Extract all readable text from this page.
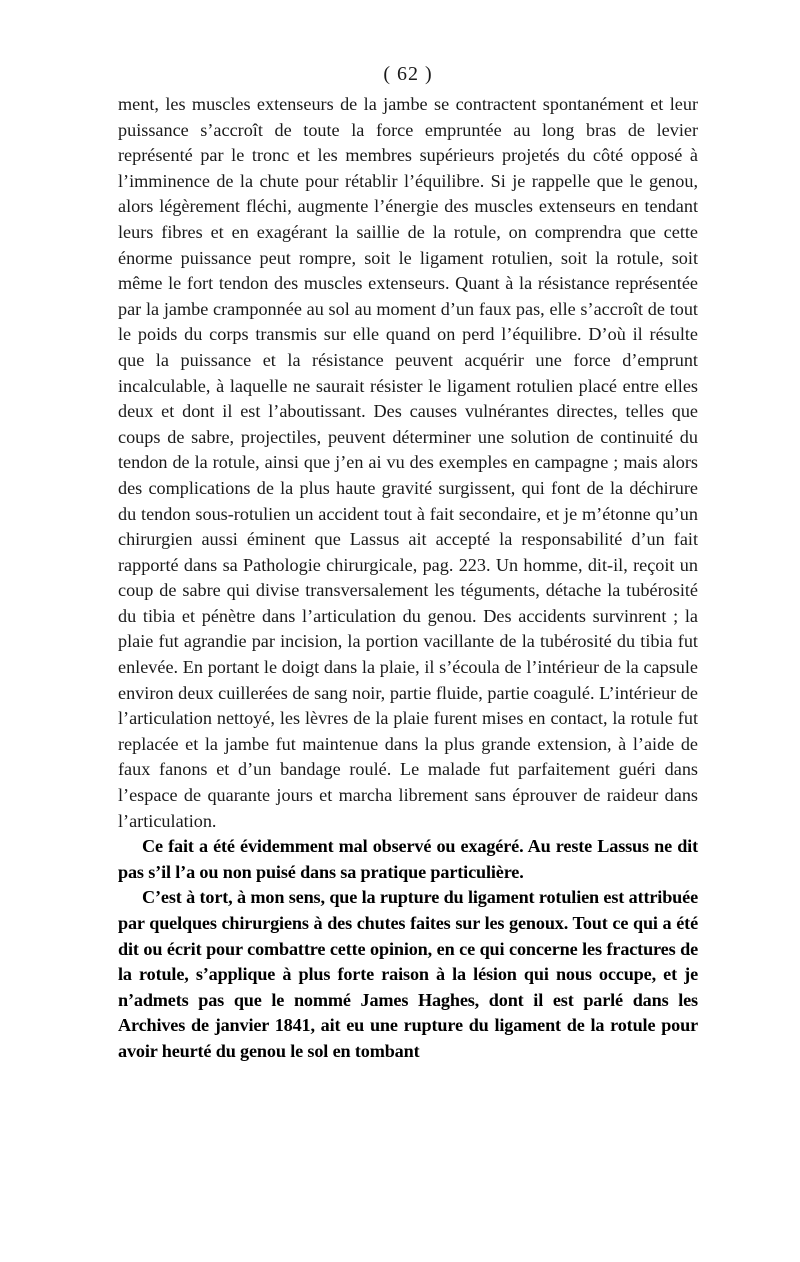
( 62 )

ment, les muscles extenseurs de la jambe se contractent spontanément et leur puissance s’accroît de toute la force empruntée au long bras de levier représenté par le tronc et les membres supérieurs projetés du côté opposé à l’imminence de la chute pour rétablir l’équilibre. Si je rappelle que le genou, alors légèrement fléchi, augmente l’énergie des muscles extenseurs en tendant leurs fibres et en exagérant la saillie de la rotule, on comprendra que cette énorme puissance peut rompre, soit le ligament rotulien, soit la rotule, soit même le fort tendon des muscles extenseurs. Quant à la résistance représentée par la jambe cramponnée au sol au moment d’un faux pas, elle s’accroît de tout le poids du corps transmis sur elle quand on perd l’équilibre. D’où il résulte que la puissance et la résistance peuvent acquérir une force d’emprunt incalculable, à laquelle ne saurait résister le ligament rotulien placé entre elles deux et dont il est l’aboutissant. Des causes vulnérantes directes, telles que coups de sabre, projectiles, peuvent déterminer une solution de continuité du tendon de la rotule, ainsi que j’en ai vu des exemples en campagne ; mais alors des complications de la plus haute gravité surgissent, qui font de la déchirure du tendon sous-rotulien un accident tout à fait secondaire, et je m’étonne qu’un chirurgien aussi éminent que Lassus ait accepté la responsabilité d’un fait rapporté dans sa Pathologie chirurgicale, pag. 223. Un homme, dit-il, reçoit un coup de sabre qui divise transversalement les téguments, détache la tubérosité du tibia et pénètre dans l’articulation du genou. Des accidents survinrent ; la plaie fut agrandie par incision, la portion vacillante de la tubérosité du tibia fut enlevée. En portant le doigt dans la plaie, il s’écoula de l’intérieur de la capsule environ deux cuillerées de sang noir, partie fluide, partie coagulé. L’intérieur de l’articulation nettoyé, les lèvres de la plaie furent mises en contact, la rotule fut replacée et la jambe fut maintenue dans la plus grande extension, à l’aide de faux fanons et d’un bandage roulé. Le malade fut parfaitement guéri dans l’espace de quarante jours et marcha librement sans éprouver de raideur dans l’articulation.

Ce fait a été évidemment mal observé ou exagéré. Au reste Lassus ne dit pas s’il l’a ou non puisé dans sa pratique particulière.

C’est à tort, à mon sens, que la rupture du ligament rotulien est attribuée par quelques chirurgiens à des chutes faites sur les genoux. Tout ce qui a été dit ou écrit pour combattre cette opinion, en ce qui concerne les fractures de la rotule, s’applique à plus forte raison à la lésion qui nous occupe, et je n’admets pas que le nommé James Haghes, dont il est parlé dans les Archives de janvier 1841, ait eu une rupture du ligament de la rotule pour avoir heurté du genou le sol en tombant
